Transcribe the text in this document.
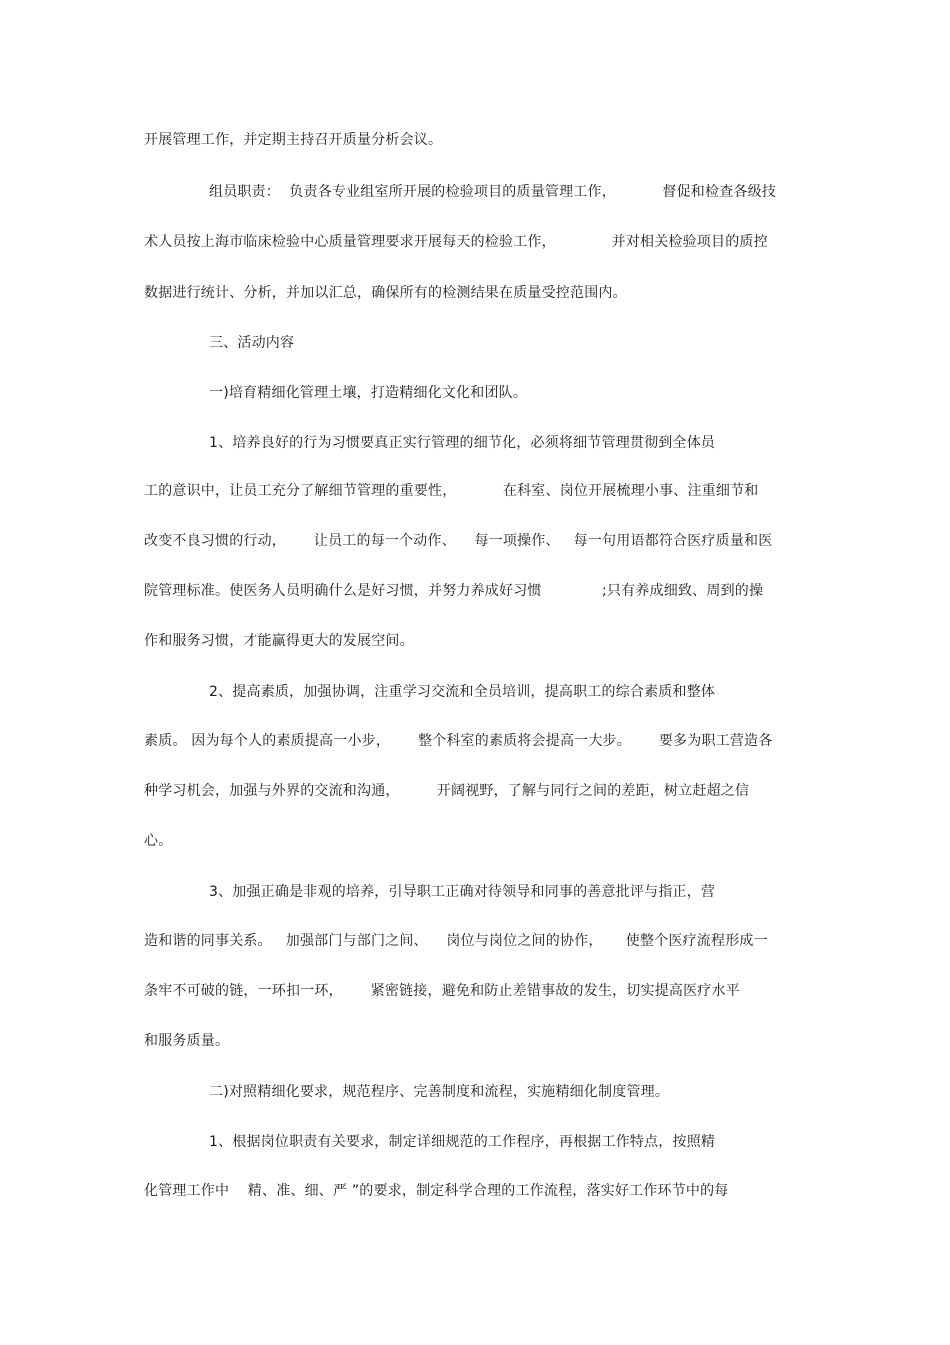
开展管理工作，并定期主持召开质量分析会议。
组员职责：  负责各专业组室所开展的检验项目的质量管理工作，          督促和检查各级技
术人员按上海市临床检验中心质量管理要求开展每天的检验工作，            并对相关检验项目的质控
数据进行统计、分析，并加以汇总，确保所有的检测结果在质量受控范围内。
三、活动内容
一)培育精细化管理土壤，打造精细化文化和团队。
1、培养良好的行为习惯要真正实行管理的细节化，必须将细节管理贯彻到全体员
工的意识中，让员工充分了解细节管理的重要性，          在科室、岗位开展梳理小事、注重细节和
改变不良习惯的行动，      让员工的每一个动作、    每一项操作、   每一句用语都符合医疗质量和医
院管理标准。使医务人员明确什么是好习惯，并努力养成好习惯             ;只有养成细致、周到的操
作和服务习惯，才能赢得更大的发展空间。
2、提高素质，加强协调，注重学习交流和全员培训，提高职工的综合素质和整体
素质。 因为每个人的素质提高一小步，      整个科室的素质将会提高一大步。      要多为职工营造各
种学习机会，加强与外界的交流和沟通，        开阔视野，了解与同行之间的差距，树立赶超之信
心。
3、加强正确是非观的培养，引导职工正确对待领导和同事的善意批评与指正，营
造和谐的同事关系。   加强部门与部门之间、    岗位与岗位之间的协作，     使整个医疗流程形成一
条牢不可破的链，一环扣一环，      紧密链接，避免和防止差错事故的发生，切实提高医疗水平
和服务质量。
二)对照精细化要求，规范程序、完善制度和流程，实施精细化制度管理。
1、根据岗位职责有关要求，制定详细规范的工作程序，再根据工作特点，按照精
化管理工作中    精、准、细、严 ”的要求，制定科学合理的工作流程，落实好工作环节中的每
